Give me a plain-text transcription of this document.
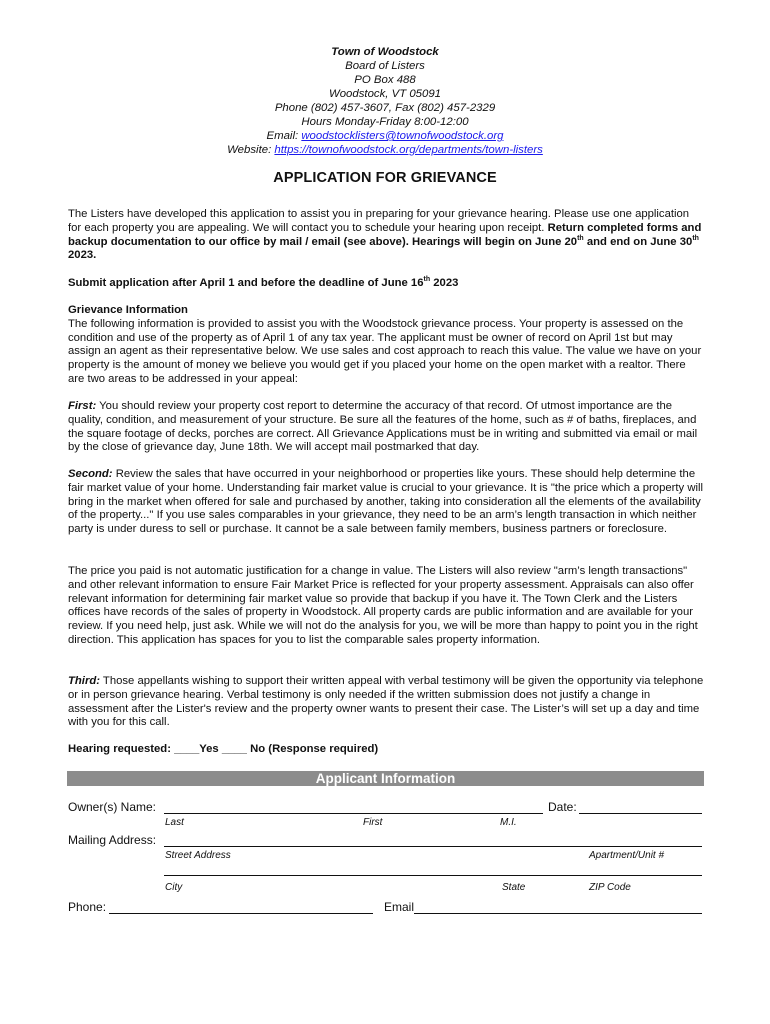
Town of Woodstock
Board of Listers
PO Box 488
Woodstock, VT 05091
Phone (802) 457-3607, Fax (802) 457-2329
Hours Monday-Friday 8:00-12:00
Email: woodstocklisters@townofwoodstock.org
Website: https://townofwoodstock.org/departments/town-listers
APPLICATION FOR GRIEVANCE
The Listers have developed this application to assist you in preparing for your grievance hearing. Please use one application for each property you are appealing. We will contact you to schedule your hearing upon receipt. Return completed forms and backup documentation to our office by mail / email (see above). Hearings will begin on June 20th and end on June 30th 2023.
Submit application after April 1 and before the deadline of June 16th 2023
Grievance Information
The following information is provided to assist you with the Woodstock grievance process. Your property is assessed on the condition and use of the property as of April 1 of any tax year. The applicant must be owner of record on April 1st but may assign an agent as their representative below. We use sales and cost approach to reach this value. The value we have on your property is the amount of money we believe you would get if you placed your home on the open market with a realtor. There are two areas to be addressed in your appeal:
First: You should review your property cost report to determine the accuracy of that record. Of utmost importance are the quality, condition, and measurement of your structure. Be sure all the features of the home, such as # of baths, fireplaces, and the square footage of decks, porches are correct. All Grievance Applications must be in writing and submitted via email or mail by the close of grievance day, June 18th. We will accept mail postmarked that day.
Second: Review the sales that have occurred in your neighborhood or properties like yours. These should help determine the fair market value of your home. Understanding fair market value is crucial to your grievance. It is "the price which a property will bring in the market when offered for sale and purchased by another, taking into consideration all the elements of the availability of the property..." If you use sales comparables in your grievance, they need to be an arm’s length transaction in which neither party is under duress to sell or purchase. It cannot be a sale between family members, business partners or foreclosure.
The price you paid is not automatic justification for a change in value. The Listers will also review "arm’s length transactions" and other relevant information to ensure Fair Market Price is reflected for your property assessment. Appraisals can also offer relevant information for determining fair market value so provide that backup if you have it. The Town Clerk and the Listers offices have records of the sales of property in Woodstock. All property cards are public information and are available for your review. If you need help, just ask. While we will not do the analysis for you, we will be more than happy to point you in the right direction. This application has spaces for you to list the comparable sales property information.
Third: Those appellants wishing to support their written appeal with verbal testimony will be given the opportunity via telephone or in person grievance hearing. Verbal testimony is only needed if the written submission does not justify a change in assessment after the Lister's review and the property owner wants to present their case. The Lister’s will set up a day and time with you for this call.
Hearing requested: ____Yes ____ No (Response required)
Applicant Information
Owner(s) Name:	Date:
Last	First	M.I.
Mailing Address:
Street Address	Apartment/Unit #
City	State	ZIP Code
Phone:	Email
